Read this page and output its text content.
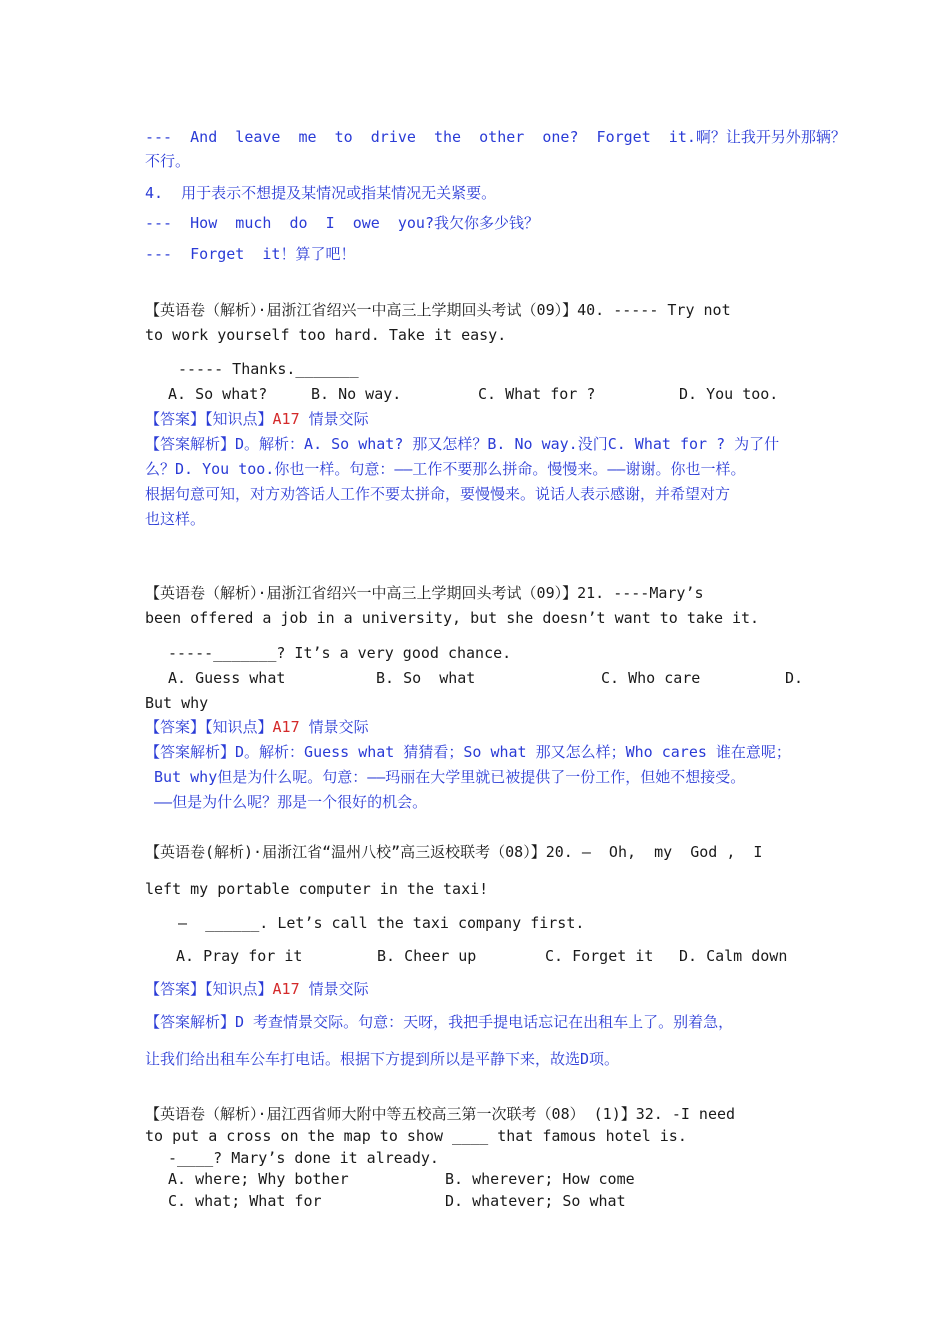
---  And  leave  me  to  drive  the  other  one?  Forget  it.啊？让我开另外那辆？
不行。
4.  用于表示不想提及某情况或指某情况无关紧要。
---  How  much  do  I  owe  you?我欠你多少钱？
---  Forget  it！算了吧！
【英语卷（解析）·届浙江省绍兴一中高三上学期回头考试（09）】40. ----- Try not
to work yourself too hard. Take it easy.
----- Thanks._______
A. So what?	B. No way.	C. What for ?	D. You too.
【答案】【知识点】A17 情景交际
【答案解析】D。解析：A. So what? 那又怎样？B. No way.没门C. What for ? 为了什
么？D. You too.你也一样。句意：——工作不要那么拼命。慢慢来。——谢谢。你也一样。
根据句意可知，对方劝答话人工作不要太拼命，要慢慢来。说话人表示感谢，并希望对方
也这样。
【英语卷（解析）·届浙江省绍兴一中高三上学期回头考试（09）】21. ----Mary’s
been offered a job in a university, but she doesn’t want to take it.
-----_______? It’s a very good chance.
A. Guess what	B. So  what	C. Who care	D.
But why
【答案】【知识点】A17 情景交际
【答案解析】D。解析：Guess what 猜猜看；So what 那又怎么样；Who cares 谁在意呢；
But why但是为什么呢。句意：——玛丽在大学里就已被提供了一份工作，但她不想接受。
——但是为什么呢？那是一个很好的机会。
【英语卷(解析)·届浙江省“温州八校”高三返校联考（08）】20. —  Oh,  my  God ,  I
left my portable computer in the taxi!
—  ______. Let’s call the taxi company first.
A. Pray for it	B. Cheer up	C. Forget it D. Calm down
【答案】【知识点】A17 情景交际
【答案解析】D 考查情景交际。句意：天呀，我把手提电话忘记在出租车上了。别着急，
让我们给出租车公车打电话。根据下方提到所以是平静下来，故选D项。
【英语卷（解析）·届江西省师大附中等五校高三第一次联考（08） (1)】32. -I need
to put a cross on the map to show ____ that famous hotel is.
-____? Mary’s done it already.
A. where; Why bother	B. wherever; How come
C. what; What for	D. whatever; So what
